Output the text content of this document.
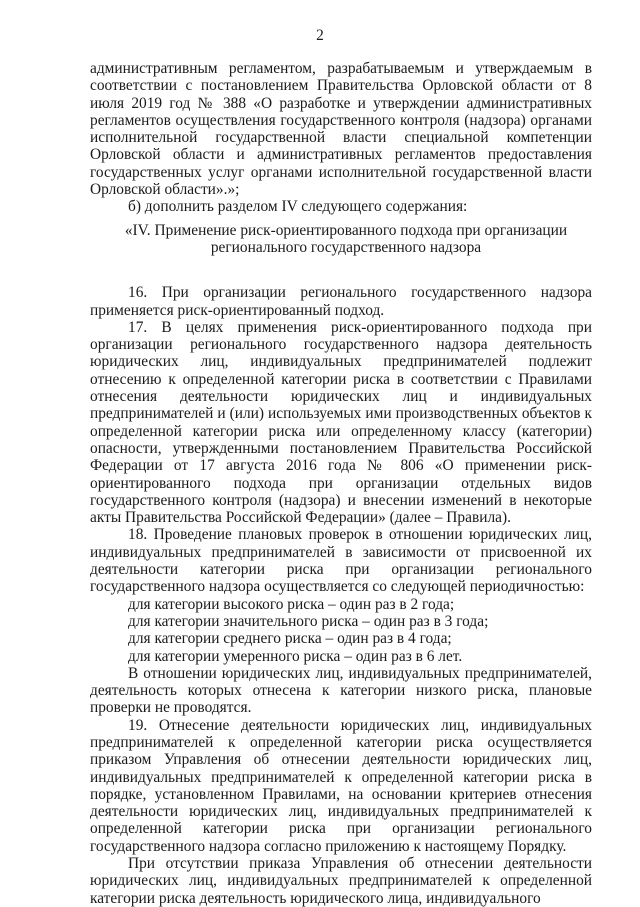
2

административным регламентом, разрабатываемым и утверждаемым в соответствии с постановлением Правительства Орловской области от 8 июля 2019 год № 388 «О разработке и утверждении административных регламентов осуществления государственного контроля (надзора) органами исполнительной государственной власти специальной компетенции Орловской области и административных регламентов предоставления государственных услуг органами исполнительной государственной власти Орловской области».»;

б) дополнить разделом IV следующего содержания:

«IV. Применение риск-ориентированного подхода при организации
регионального государственного надзора

16. При организации регионального государственного надзора применяется риск-ориентированный подход.

17. В целях применения риск-ориентированного подхода при организации регионального государственного надзора деятельность юридических лиц, индивидуальных предпринимателей подлежит отнесению к определенной категории риска в соответствии с Правилами отнесения деятельности юридических лиц и индивидуальных предпринимателей и (или) используемых ими производственных объектов к определенной категории риска или определенному классу (категории) опасности, утвержденными постановлением Правительства Российской Федерации от 17 августа 2016 года № 806 «О применении риск-ориентированного подхода при организации отдельных видов государственного контроля (надзора) и внесении изменений в некоторые акты Правительства Российской Федерации» (далее – Правила).

18. Проведение плановых проверок в отношении юридических лиц, индивидуальных предпринимателей в зависимости от присвоенной их деятельности категории риска при организации регионального государственного надзора осуществляется со следующей периодичностью:

для категории высокого риска – один раз в 2 года;

для категории значительного риска – один раз в 3 года;

для категории среднего риска – один раз в 4 года;

для категории умеренного риска – один раз в 6 лет.

В отношении юридических лиц, индивидуальных предпринимателей, деятельность которых отнесена к категории низкого риска, плановые проверки не проводятся.

19. Отнесение деятельности юридических лиц, индивидуальных предпринимателей к определенной категории риска осуществляется приказом Управления об отнесении деятельности юридических лиц, индивидуальных предпринимателей к определенной категории риска в порядке, установленном Правилами, на основании критериев отнесения деятельности юридических лиц, индивидуальных предпринимателей к определенной категории риска при организации регионального государственного надзора согласно приложению к настоящему Порядку.

При отсутствии приказа Управления об отнесении деятельности юридических лиц, индивидуальных предпринимателей к определенной категории риска деятельность юридического лица, индивидуального
